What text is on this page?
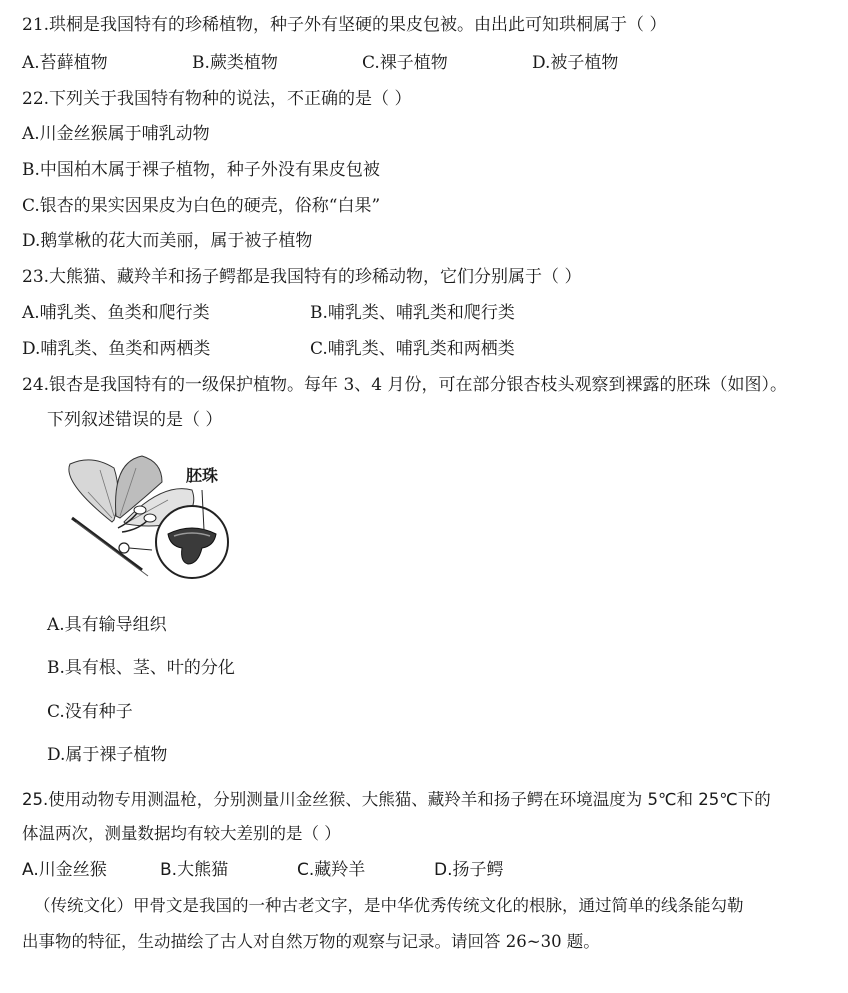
21.珙桐是我国特有的珍稀植物，种子外有坚硬的果皮包被。由出此可知珙桐属于（ ）
A.苔藓植物	B.蕨类植物	C.裸子植物	D.被子植物
22.下列关于我国特有物种的说法，不正确的是（ ）
A.川金丝猴属于哺乳动物
B.中国柏木属于裸子植物，种子外没有果皮包被
C.银杏的果实因果皮为白色的硬壳，俗称“白果”
D.鹅掌楸的花大而美丽，属于被子植物
23.大熊猫、藏羚羊和扬子鳄都是我国特有的珍稀动物，它们分别属于（ ）
A.哺乳类、鱼类和爬行类	B.哺乳类、哺乳类和爬行类
D.哺乳类、鱼类和两栖类	C.哺乳类、哺乳类和两栖类
24.银杏是我国特有的一级保护植物。每年 3、4 月份，可在部分银杏枝头观察到裸露的胚珠（如图）。
下列叙述错误的是（ ）
胚珠
A.具有输导组织
B.具有根、茎、叶的分化
C.没有种子
D.属于裸子植物
25.使用动物专用测温枪，分别测量川金丝猴、大熊猫、藏羚羊和扬子鳄在环境温度为 5℃和 25℃下的
体温两次，测量数据均有较大差别的是（ ）
A.川金丝猴	B.大熊猫	C.藏羚羊	D.扬子鳄
（传统文化）甲骨文是我国的一种古老文字，是中华优秀传统文化的根脉，通过简单的线条能勾勒
出事物的特征，生动描绘了古人对自然万物的观察与记录。请回答 26~30 题。
